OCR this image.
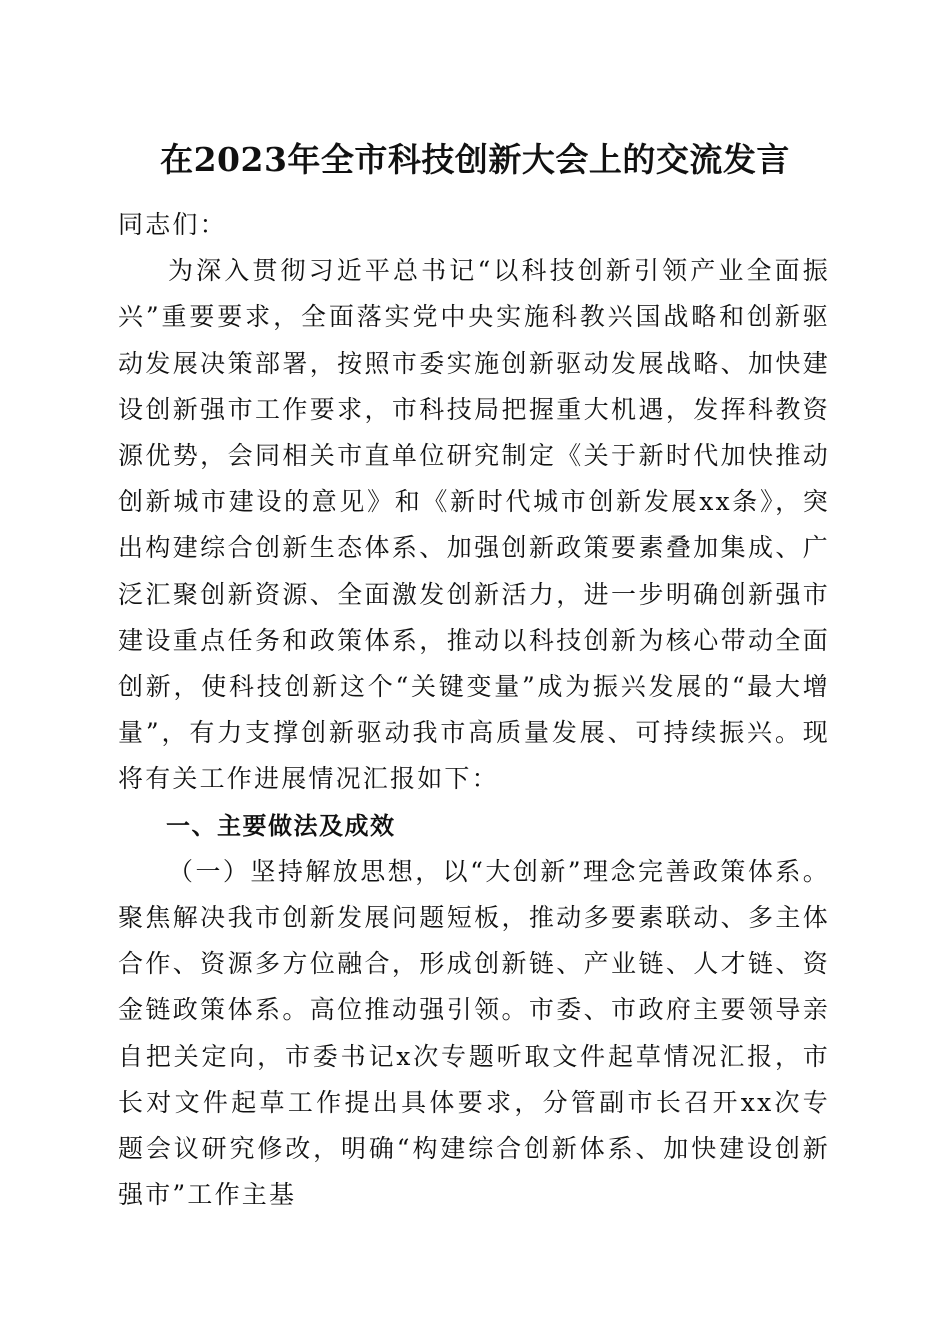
在2023年全市科技创新大会上的交流发言

同志们：

为深入贯彻习近平总书记“以科技创新引领产业全面振兴”重要要求，全面落实党中央实施科教兴国战略和创新驱动发展决策部署，按照市委实施创新驱动发展战略、加快建设创新强市工作要求，市科技局把握重大机遇，发挥科教资源优势，会同相关市直单位研究制定《关于新时代加快推动创新城市建设的意见》和《新时代城市创新发展xx条》，突出构建综合创新生态体系、加强创新政策要素叠加集成、广泛汇聚创新资源、全面激发创新活力，进一步明确创新强市建设重点任务和政策体系，推动以科技创新为核心带动全面创新，使科技创新这个“关键变量”成为振兴发展的“最大增量”，有力支撑创新驱动我市高质量发展、可持续振兴。现将有关工作进展情况汇报如下：

一、主要做法及成效

（一）坚持解放思想，以“大创新”理念完善政策体系。聚焦解决我市创新发展问题短板，推动多要素联动、多主体合作、资源多方位融合，形成创新链、产业链、人才链、资金链政策体系。高位推动强引领。市委、市政府主要领导亲自把关定向，市委书记x次专题听取文件起草情况汇报，市长对文件起草工作提出具体要求，分管副市长召开xx次专题会议研究修改，明确“构建综合创新体系、加快建设创新强市”工作主基
